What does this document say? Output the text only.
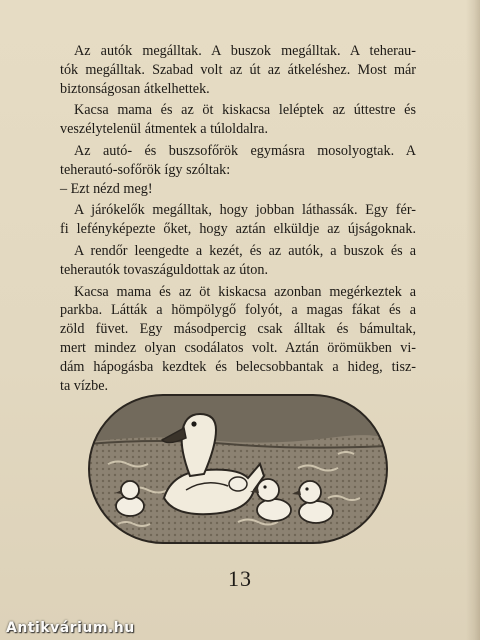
Az autók megálltak. A buszok megálltak. A teherau-
tók megálltak. Szabad volt az út az átkeléshez. Most már
biztonságosan átkelhettek.
Kacsa mama és az öt kiskacsa leléptek az úttestre és
veszélytelenül átmentek a túloldalra.
Az autó- és buszsofőrök egymásra mosolyogtak. A
teherautó-sofőrök így szóltak:
– Ezt nézd meg!
A járókelők megálltak, hogy jobban láthassák. Egy fér-
fi lefényképezte őket, hogy aztán elküldje az újságoknak.
A rendőr leengedte a kezét, és az autók, a buszok és a
teherautók tovaszáguldottak az úton.
Kacsa mama és az öt kiskacsa azonban megérkeztek a
parkba. Látták a hömpölygő folyót, a magas fákat és a
zöld füvet. Egy másodpercig csak álltak és bámultak,
mert mindez olyan csodálatos volt. Aztán örömükben vi-
dám hápogásba kezdtek és belecsobbantak a hideg, tisz-
ta vízbe.
13
Antikvárium.hu
